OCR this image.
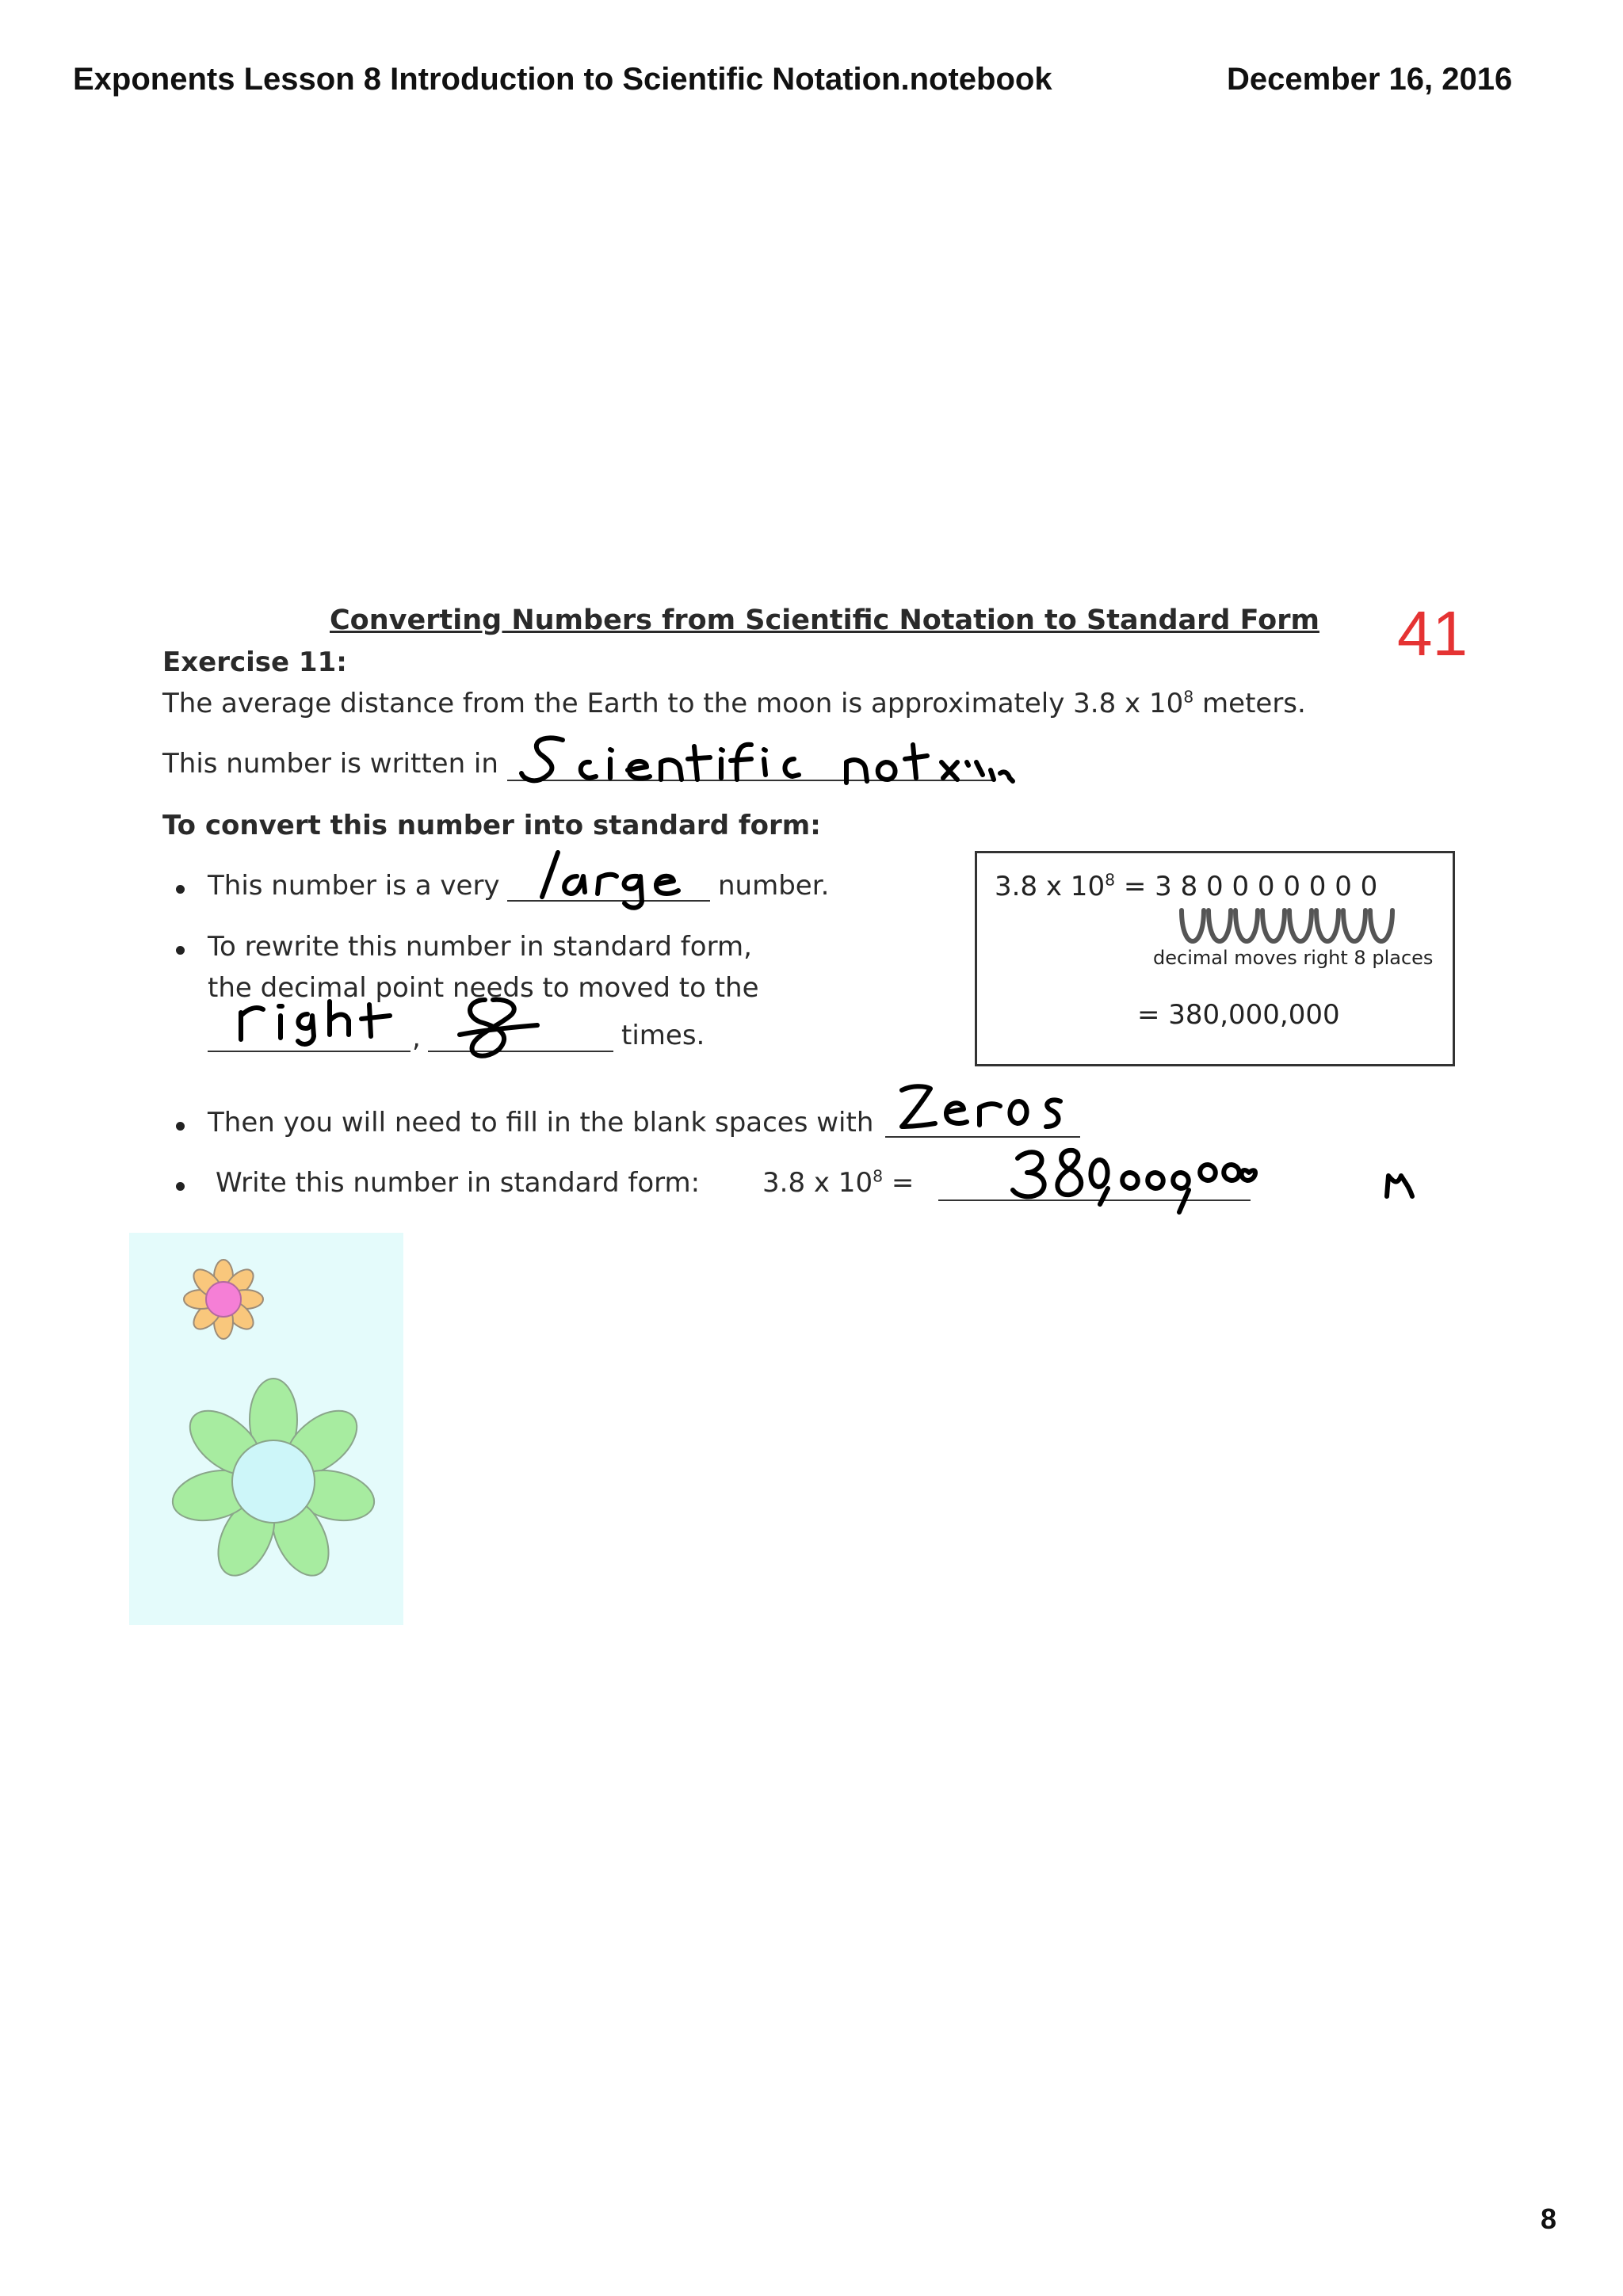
Exponents Lesson 8 Introduction to Scientific Notation.notebook	December 16, 2016
41
Converting Numbers from Scientific Notation to Standard Form
Exercise 11:
The average distance from the Earth to the moon is approximately 3.8 x $10^8$ meters.
This number is written in
To convert this number into standard form:
This number is a very	number.
To rewrite this number in standard form,
the decimal point needs to moved to the
,	times.
Then you will need to fill in the blank spaces with
Write this number in standard form: 3.8 x $10^8$ =
3.8 x $10^8 = 3$ 8 0 0 0 0 0 0 0
decimal moves right 8 places
= 380,000,000
8
